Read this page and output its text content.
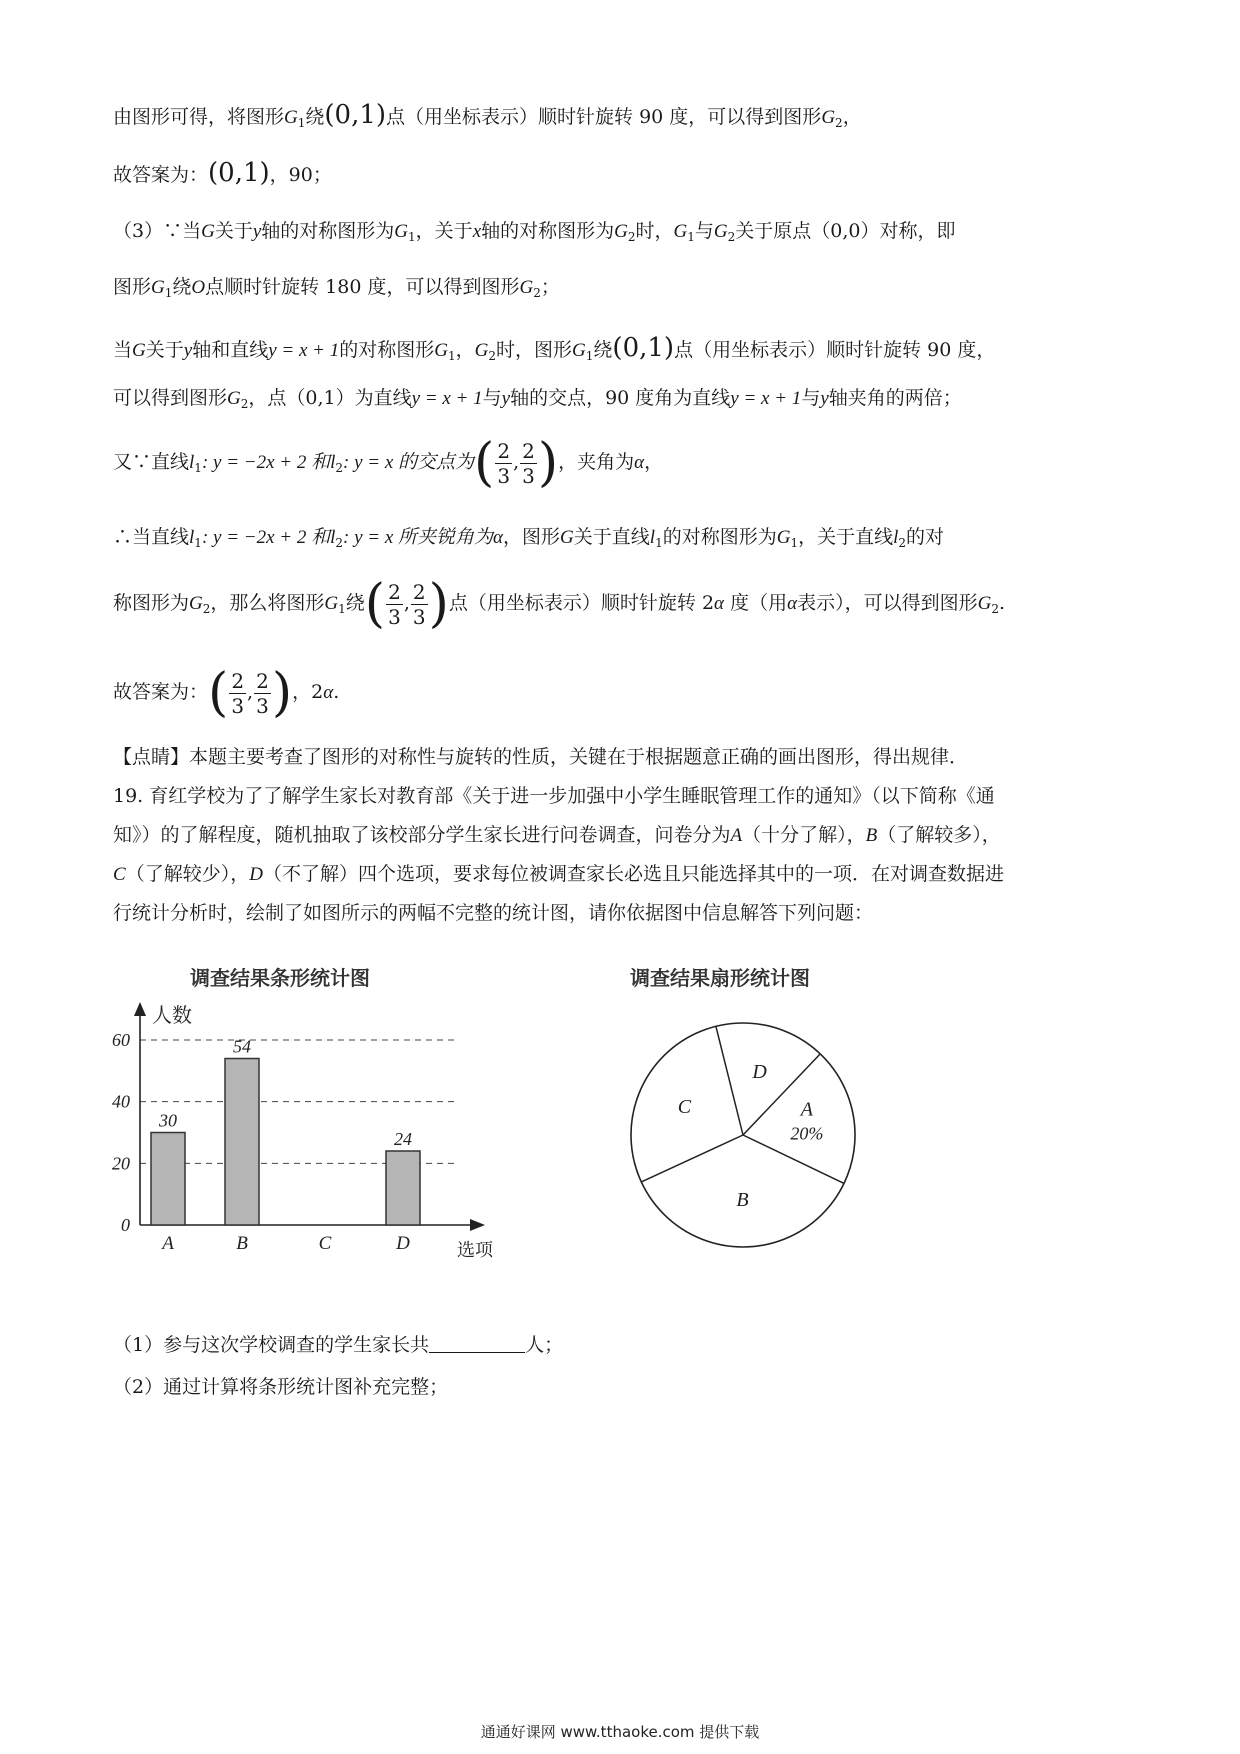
由图形可得，将图形$G_1$绕(0,1)点（用坐标表示）顺时针旋转 90 度，可以得到图形$G_2$，
故答案为：(0,1)，90；
（3）∵当G关于y轴的对称图形为$G_1$，关于x轴的对称图形为$G_2$时，$G_1$与$G_2$关于原点（0,0）对称，即
图形$G_1$绕O点顺时针旋转 180 度，可以得到图形$G_2$；
当G关于y轴和直线y = x + 1的对称图形$G_1$，$G_2$时，图形$G_1$绕(0,1)点（用坐标表示）顺时针旋转 90 度，
可以得到图形$G_2$，点（0,1）为直线y = x + 1与y轴的交点，90 度角为直线y = x + 1与y轴夹角的两倍；
又∵直线$l_1$: y = −2x + 2 和$l_2$: y = x 的交点为( $\frac{2}{3}$ , $\frac{2}{3}$ )，夹角为α，
∴当直线$l_1$: y = −2x + 2 和$l_2$: y = x 所夹锐角为α，图形G关于直线$l_1$的对称图形为$G_1$，关于直线$l_2$的对
称图形为$G_2$，那么将图形$G_1$绕( $\frac{2}{3}$ , $\frac{2}{3}$ )点（用坐标表示）顺时针旋转 2α 度（用α表示），可以得到图形$G_2$.
故答案为：( $\frac{2}{3}$ , $\frac{2}{3}$ )，2α.
【点睛】本题主要考查了图形的对称性与旋转的性质，关键在于根据题意正确的画出图形，得出规律．
19. 育红学校为了了解学生家长对教育部《关于进一步加强中小学生睡眠管理工作的通知》（以下简称《通
知》）的了解程度，随机抽取了该校部分学生家长进行问卷调查，问卷分为A（十分了解），B（了解较多），
C（了解较少），D（不了解）四个选项，要求每位被调查家长必选且只能选择其中的一项．在对调查数据进
行统计分析时，绘制了如图所示的两幅不完整的统计图，请你依据图中信息解答下列问题：
调查结果条形统计图
0
20
40
60
人数
选项
A
30
B
54
C	D
24
调查结果扇形统计图
D
A
20%
B
C
（1）参与这次学校调查的学生家长共	人；
（2）通过计算将条形统计图补充完整；
通通好课网 www.tthaoke.com 提供下载
